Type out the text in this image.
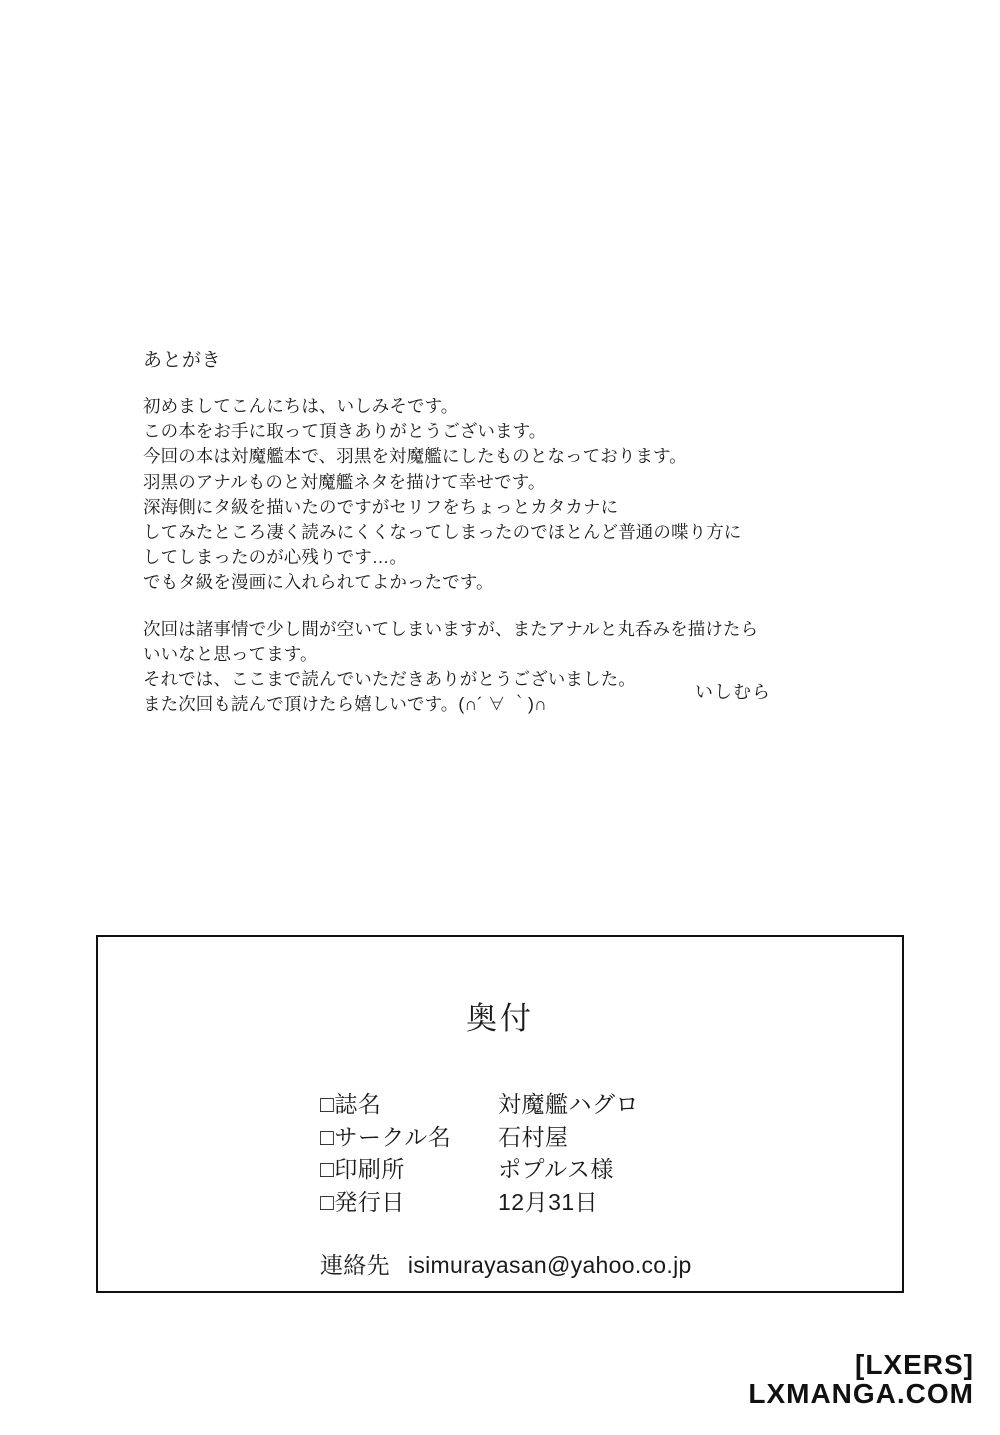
あとがき

初めましてこんにちは、いしみそです。

この本をお手に取って頂きありがとうございます。

今回の本は対魔艦本で、羽黒を対魔艦にしたものとなっております。

羽黒のアナルものと対魔艦ネタを描けて幸せです。

深海側にタ級を描いたのですがセリフをちょっとカタカナに

してみたところ凄く読みにくくなってしまったのでほとんど普通の喋り方に

してしまったのが心残りです…。

でもタ級を漫画に入れられてよかったです。

次回は諸事情で少し間が空いてしまいますが、またアナルと丸呑みを描けたら

いいなと思ってます。

それでは、ここまで読んでいただきありがとうございました。

また次回も読んで頂けたら嬉しいです。(∩´ ∀ ｀)∩

いしむら
奥付
□誌名	対魔艦ハグロ
□サークル名	石村屋
□印刷所	ポプルス様
□発行日	12月31日
連絡先 isimurayasan@yahoo.co.jp
[LXERS]
LXMANGA.COM
